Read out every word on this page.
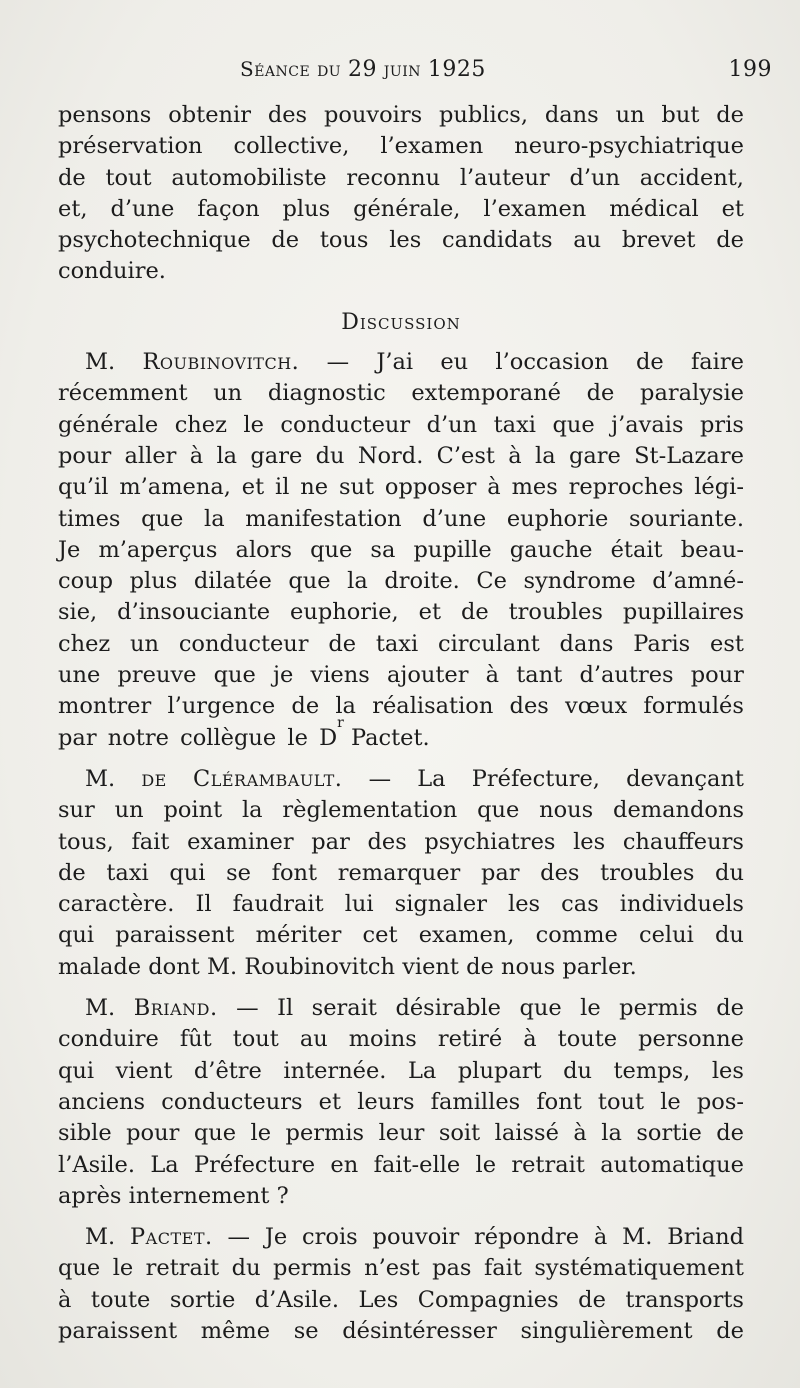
Séance du 29 juin 1925	199
pensons obtenir des pouvoirs publics, dans un but de
préservation collective, l’examen neuro-psychiatrique
de tout automobiliste reconnu l’auteur d’un accident,
et, d’une façon plus générale, l’examen médical et
psychotechnique de tous les candidats au brevet de
conduire.
Discussion
M. Roubinovitch. — J’ai eu l’occasion de faire
récemment un diagnostic extemporané de paralysie
générale chez le conducteur d’un taxi que j’avais pris
pour aller à la gare du Nord. C’est à la gare St-Lazare
qu’il m’amena, et il ne sut opposer à mes reproches légi-
times que la manifestation d’une euphorie souriante.
Je m’aperçus alors que sa pupille gauche était beau-
coup plus dilatée que la droite. Ce syndrome d’amné-
sie, d’insouciante euphorie, et de troubles pupillaires
chez un conducteur de taxi circulant dans Paris est
une preuve que je viens ajouter à tant d’autres pour
montrer l’urgence de la réalisation des vœux formulés
par notre collègue le D
r
Pactet.
M. de Clérambault. — La Préfecture, devançant
sur un point la règlementation que nous demandons
tous, fait examiner par des psychiatres les chauffeurs
de taxi qui se font remarquer par des troubles du
caractère. Il faudrait lui signaler les cas individuels
qui paraissent mériter cet examen, comme celui du
malade dont M. Roubinovitch vient de nous parler.
M. Briand. — Il serait désirable que le permis de
conduire fût tout au moins retiré à toute personne
qui vient d’être internée. La plupart du temps, les
anciens conducteurs et leurs familles font tout le pos-
sible pour que le permis leur soit laissé à la sortie de
l’Asile. La Préfecture en fait-elle le retrait automatique
après internement ?
M. Pactet. — Je crois pouvoir répondre à M. Briand
que le retrait du permis n’est pas fait systématiquement
à toute sortie d’Asile. Les Compagnies de transports
paraissent même se désintéresser singulièrement de
